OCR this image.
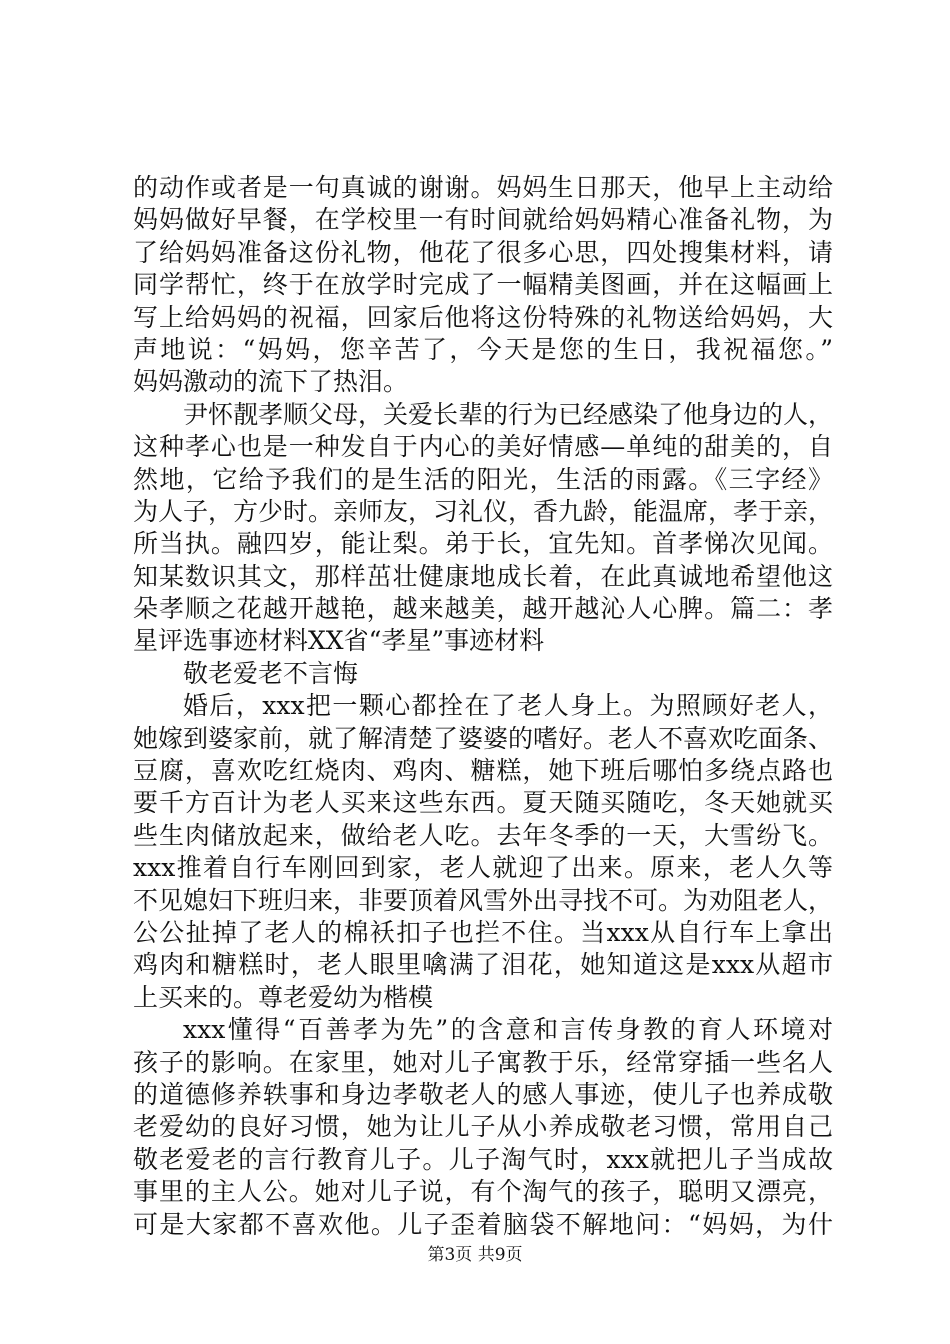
的动作或者是一句真诚的谢谢。妈妈生日那天，他早上主动给
妈妈做好早餐，在学校里一有时间就给妈妈精心准备礼物，为
了给妈妈准备这份礼物，他花了很多心思，四处搜集材料，请
同学帮忙，终于在放学时完成了一幅精美图画，并在这幅画上
写上给妈妈的祝福，回家后他将这份特殊的礼物送给妈妈，大
声地说：“妈妈，您辛苦了，今天是您的生日，我祝福您。”
妈妈激动的流下了热泪。
尹怀靓孝顺父母，关爱长辈的行为已经感染了他身边的人，
这种孝心也是一种发自于内心的美好情感—单纯的甜美的，自
然地，它给予我们的是生活的阳光，生活的雨露。《三字经》
为人子，方少时。亲师友，习礼仪，香九龄，能温席，孝于亲，
所当执。融四岁，能让梨。弟于长，宜先知。首孝悌次见闻。
知某数识其文，那样茁壮健康地成长着，在此真诚地希望他这
朵孝顺之花越开越艳，越来越美，越开越沁人心脾。篇二：孝
星评选事迹材料XX省“孝星”事迹材料
敬老爱老不言悔
婚后，xxx把一颗心都拴在了老人身上。为照顾好老人，
她嫁到婆家前，就了解清楚了婆婆的嗜好。老人不喜欢吃面条、
豆腐，喜欢吃红烧肉、鸡肉、糖糕，她下班后哪怕多绕点路也
要千方百计为老人买来这些东西。夏天随买随吃，冬天她就买
些生肉储放起来，做给老人吃。去年冬季的一天，大雪纷飞。
xxx推着自行车刚回到家，老人就迎了出来。原来，老人久等
不见媳妇下班归来，非要顶着风雪外出寻找不可。为劝阻老人，
公公扯掉了老人的棉袄扣子也拦不住。当xxx从自行车上拿出
鸡肉和糖糕时，老人眼里噙满了泪花，她知道这是xxx从超市
上买来的。尊老爱幼为楷模
xxx懂得“百善孝为先”的含意和言传身教的育人环境对
孩子的影响。在家里，她对儿子寓教于乐，经常穿插一些名人
的道德修养轶事和身边孝敬老人的感人事迹，使儿子也养成敬
老爱幼的良好习惯，她为让儿子从小养成敬老习惯，常用自己
敬老爱老的言行教育儿子。儿子淘气时，xxx就把儿子当成故
事里的主人公。她对儿子说，有个淘气的孩子，聪明又漂亮，
可是大家都不喜欢他。儿子歪着脑袋不解地问：“妈妈，为什
第3页 共9页
